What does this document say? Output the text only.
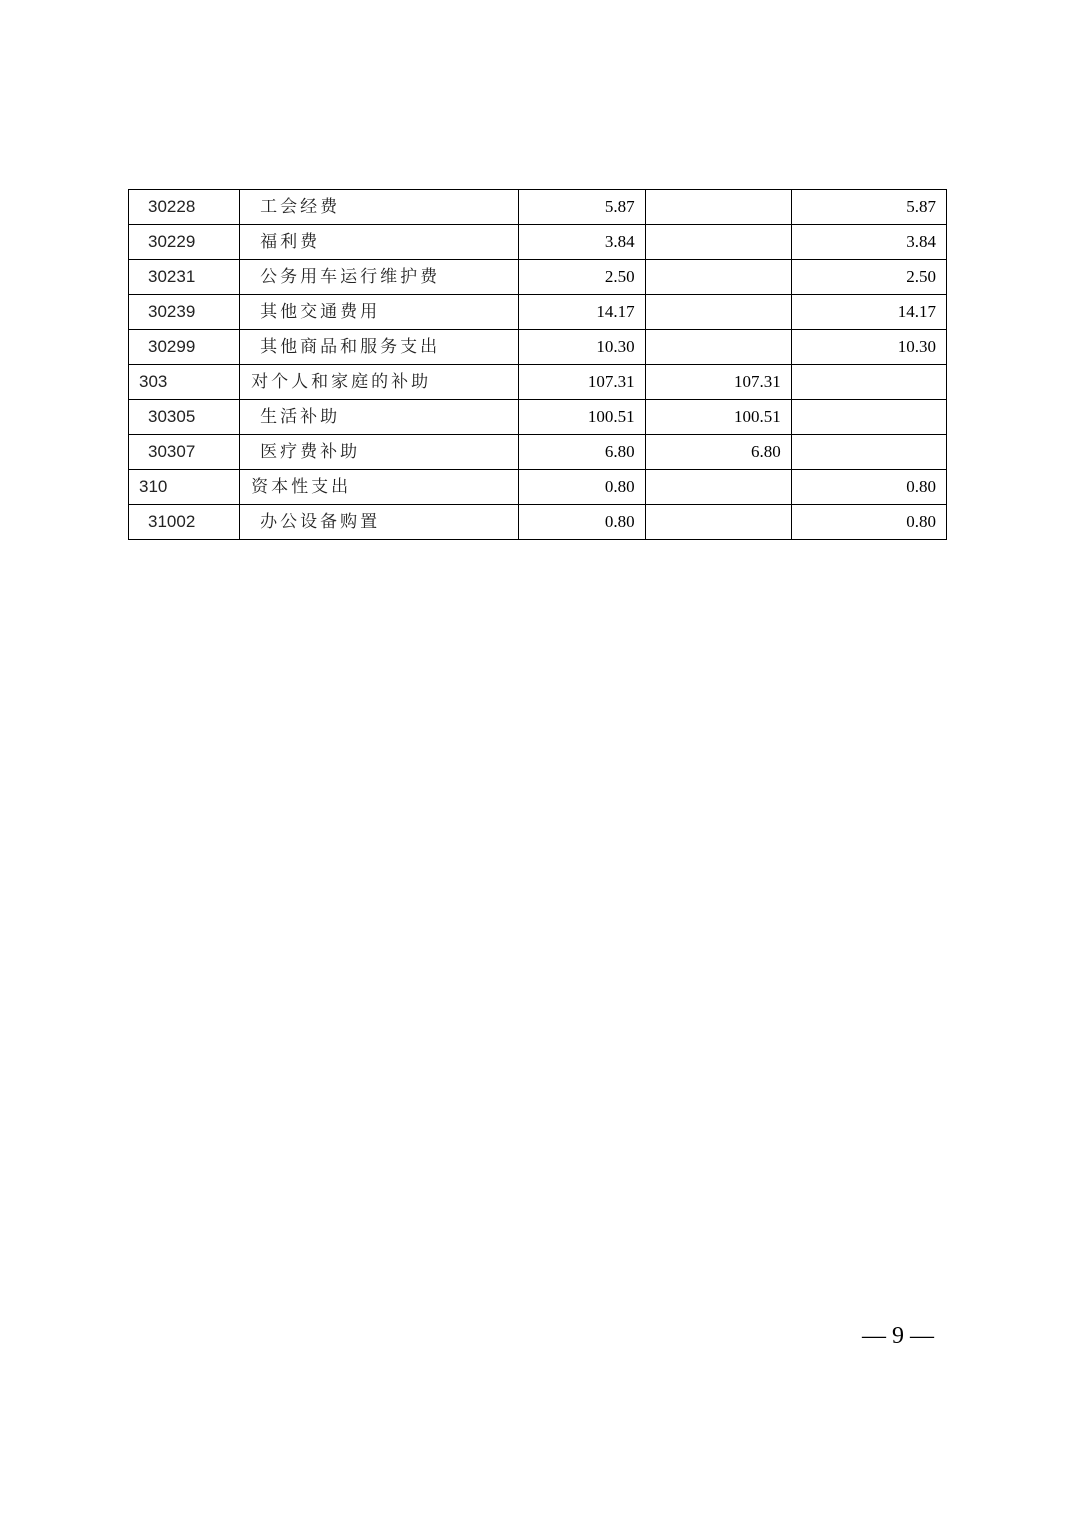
30228	工会经费	5.87		5.87
30229	福利费	3.84		3.84
30231	公务用车运行维护费	2.50		2.50
30239	其他交通费用	14.17		14.17
30299	其他商品和服务支出	10.30		10.30
303	对个人和家庭的补助	107.31	107.31	
30305	生活补助	100.51	100.51	
30307	医疗费补助	6.80	6.80	
310	资本性支出	0.80		0.80
31002	办公设备购置	0.80		0.80
— 9 —
